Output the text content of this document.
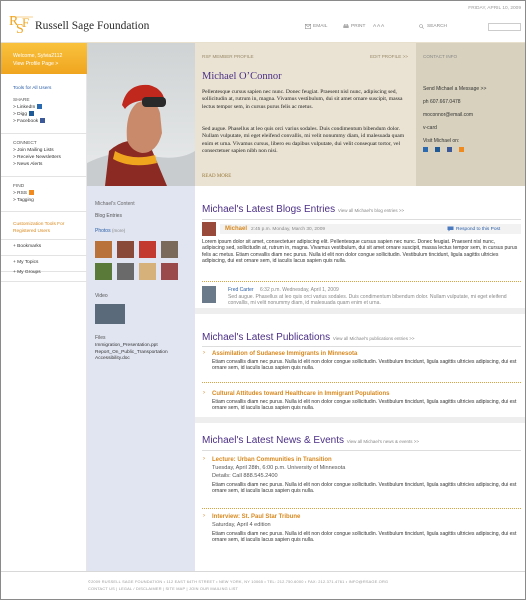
R
S
F Russell Sage Foundation
FRIDAY, APRIL 10, 2009
EMAIL	PRINT A A A	SEARCH
Welcome, Sylvia2112
View Profile Page >
Tools for All Users
SHARE
> LinkedIn
> Digg
> Facebook
CONNECT
> Join Mailing Lists
> Receive Newsletters
> News Alerts
FIND
> RSS
> Tagging
Customization Tools For
Registered Users
+ Bookmarks
+ My Topics
+ My Groups
Michael's Content
Blog Entries
Photos (more)
Video
Files
Immigration_Presentation.ppt
Report_On_Public_Transportation
Accessibility.doc
RSF MEMBER PROFILE	EDIT PROFILE >>
Michael O’Connor
Pellentesque cursus sapien nec nunc. Donec feugiat. Praesent nisl nunc, adipiscing sed, sollicitudin at, rutrum in, magna. Vivamus vestibulum, dui sit amet ornare suscipit, massa lectus tempor sem, in cursus purus felis ac metus.
Sed augue. Phasellus at leo quis orci varius sodales. Duis condimentum bibendum dolor. Nullam vulputate, mi eget eleifend convallis, mi velit nonummy diam, id malesuada quam enim et urna. Vivamus cursus, libero eu dapibus vulputate, dui velit consequat tortor, vel consectetuer sapien nibh non nisi.
READ MORE
CONTACT INFO
Send Michael a Message >>
ph 607.667.0478
moconnor@email.com
v-card
Visit Michael on:
Michael's Latest Blogs Entries View all Michael's blog entries >>
Michael 2:45 p.m. Monday, March 30, 2009	Respond to this Post
Lorem ipsum dolor sit amet, consectetuer adipiscing elit. Pellentesque cursus sapien nec nunc. Donec feugiat. Praesent nisl nunc, adipiscing sed, sollicitudin at, rutrum in, magna. Vivamus vestibulum, dui sit amet ornare suscipit, massa lectus tempor sem, in cursus purus felis ac metus. Etiam convallis diam nec purus. Nulla id elit non dolor congue sollicitudin. Vestibulum tincidunt, ligula sagittis ultricies adipiscing, dui est ornare sem, id iaculis lacus sapien quis nulla.
Fred Carter 6:32 p.m. Wednesday, April 1, 2009
Sed augue. Phasellus at leo quis orci varius sodales. Duis condimentum bibendum dolor. Nullam vulputate, mi eget eleifend convallis, mi velit nonummy diam, id malesuada quam enim et urna.
Michael's Latest Publications View all Michael's publications entries >>
› Assimilation of Sudanese Immigrants in Minnesota
Etiam convallis diam nec purus. Nulla id elit non dolor congue sollicitudin. Vestibulum tincidunt, ligula sagittis ultricies adipiscing, dui est ornare sem, id iaculis lacus sapien quis nulla.
› Cultural Attitudes toward Healthcare in Immigrant Populations
Etiam convallis diam nec purus. Nulla id elit non dolor congue sollicitudin. Vestibulum tincidunt, ligula sagittis ultricies adipiscing, dui est ornare sem, id iaculis lacus sapien quis nulla.
Michael's Latest News & Events View all Michael's news & events >>
› Lecture: Urban Communities in Transition
Tuesday, April 28th, 6:00 p.m. University of Minnesota
Details: Call 888.545.2400
Etiam convallis diam nec purus. Nulla id elit non dolor congue sollicitudin. Vestibulum tincidunt, ligula sagittis ultricies adipiscing, dui est ornare sem, id iaculis lacus sapien quis nulla.
› Interview: St. Paul Star Tribune
Saturday, April 4 edition
Etiam convallis diam nec purus. Nulla id elit non dolor congue sollicitudin. Vestibulum tincidunt, ligula sagittis ultricies adipiscing, dui est ornare sem, id iaculis lacus sapien quis nulla.
©2009 RUSSELL SAGE FOUNDATION • 112 EAST 64TH STREET • NEW YORK, NY 10065 • TEL: 212.750.6000 • FAX: 212.371.4761 • INFO@RSAGE.ORG
CONTACT US | LEGAL / DISCLAIMER | SITE MAP | JOIN OUR MAILING LIST
